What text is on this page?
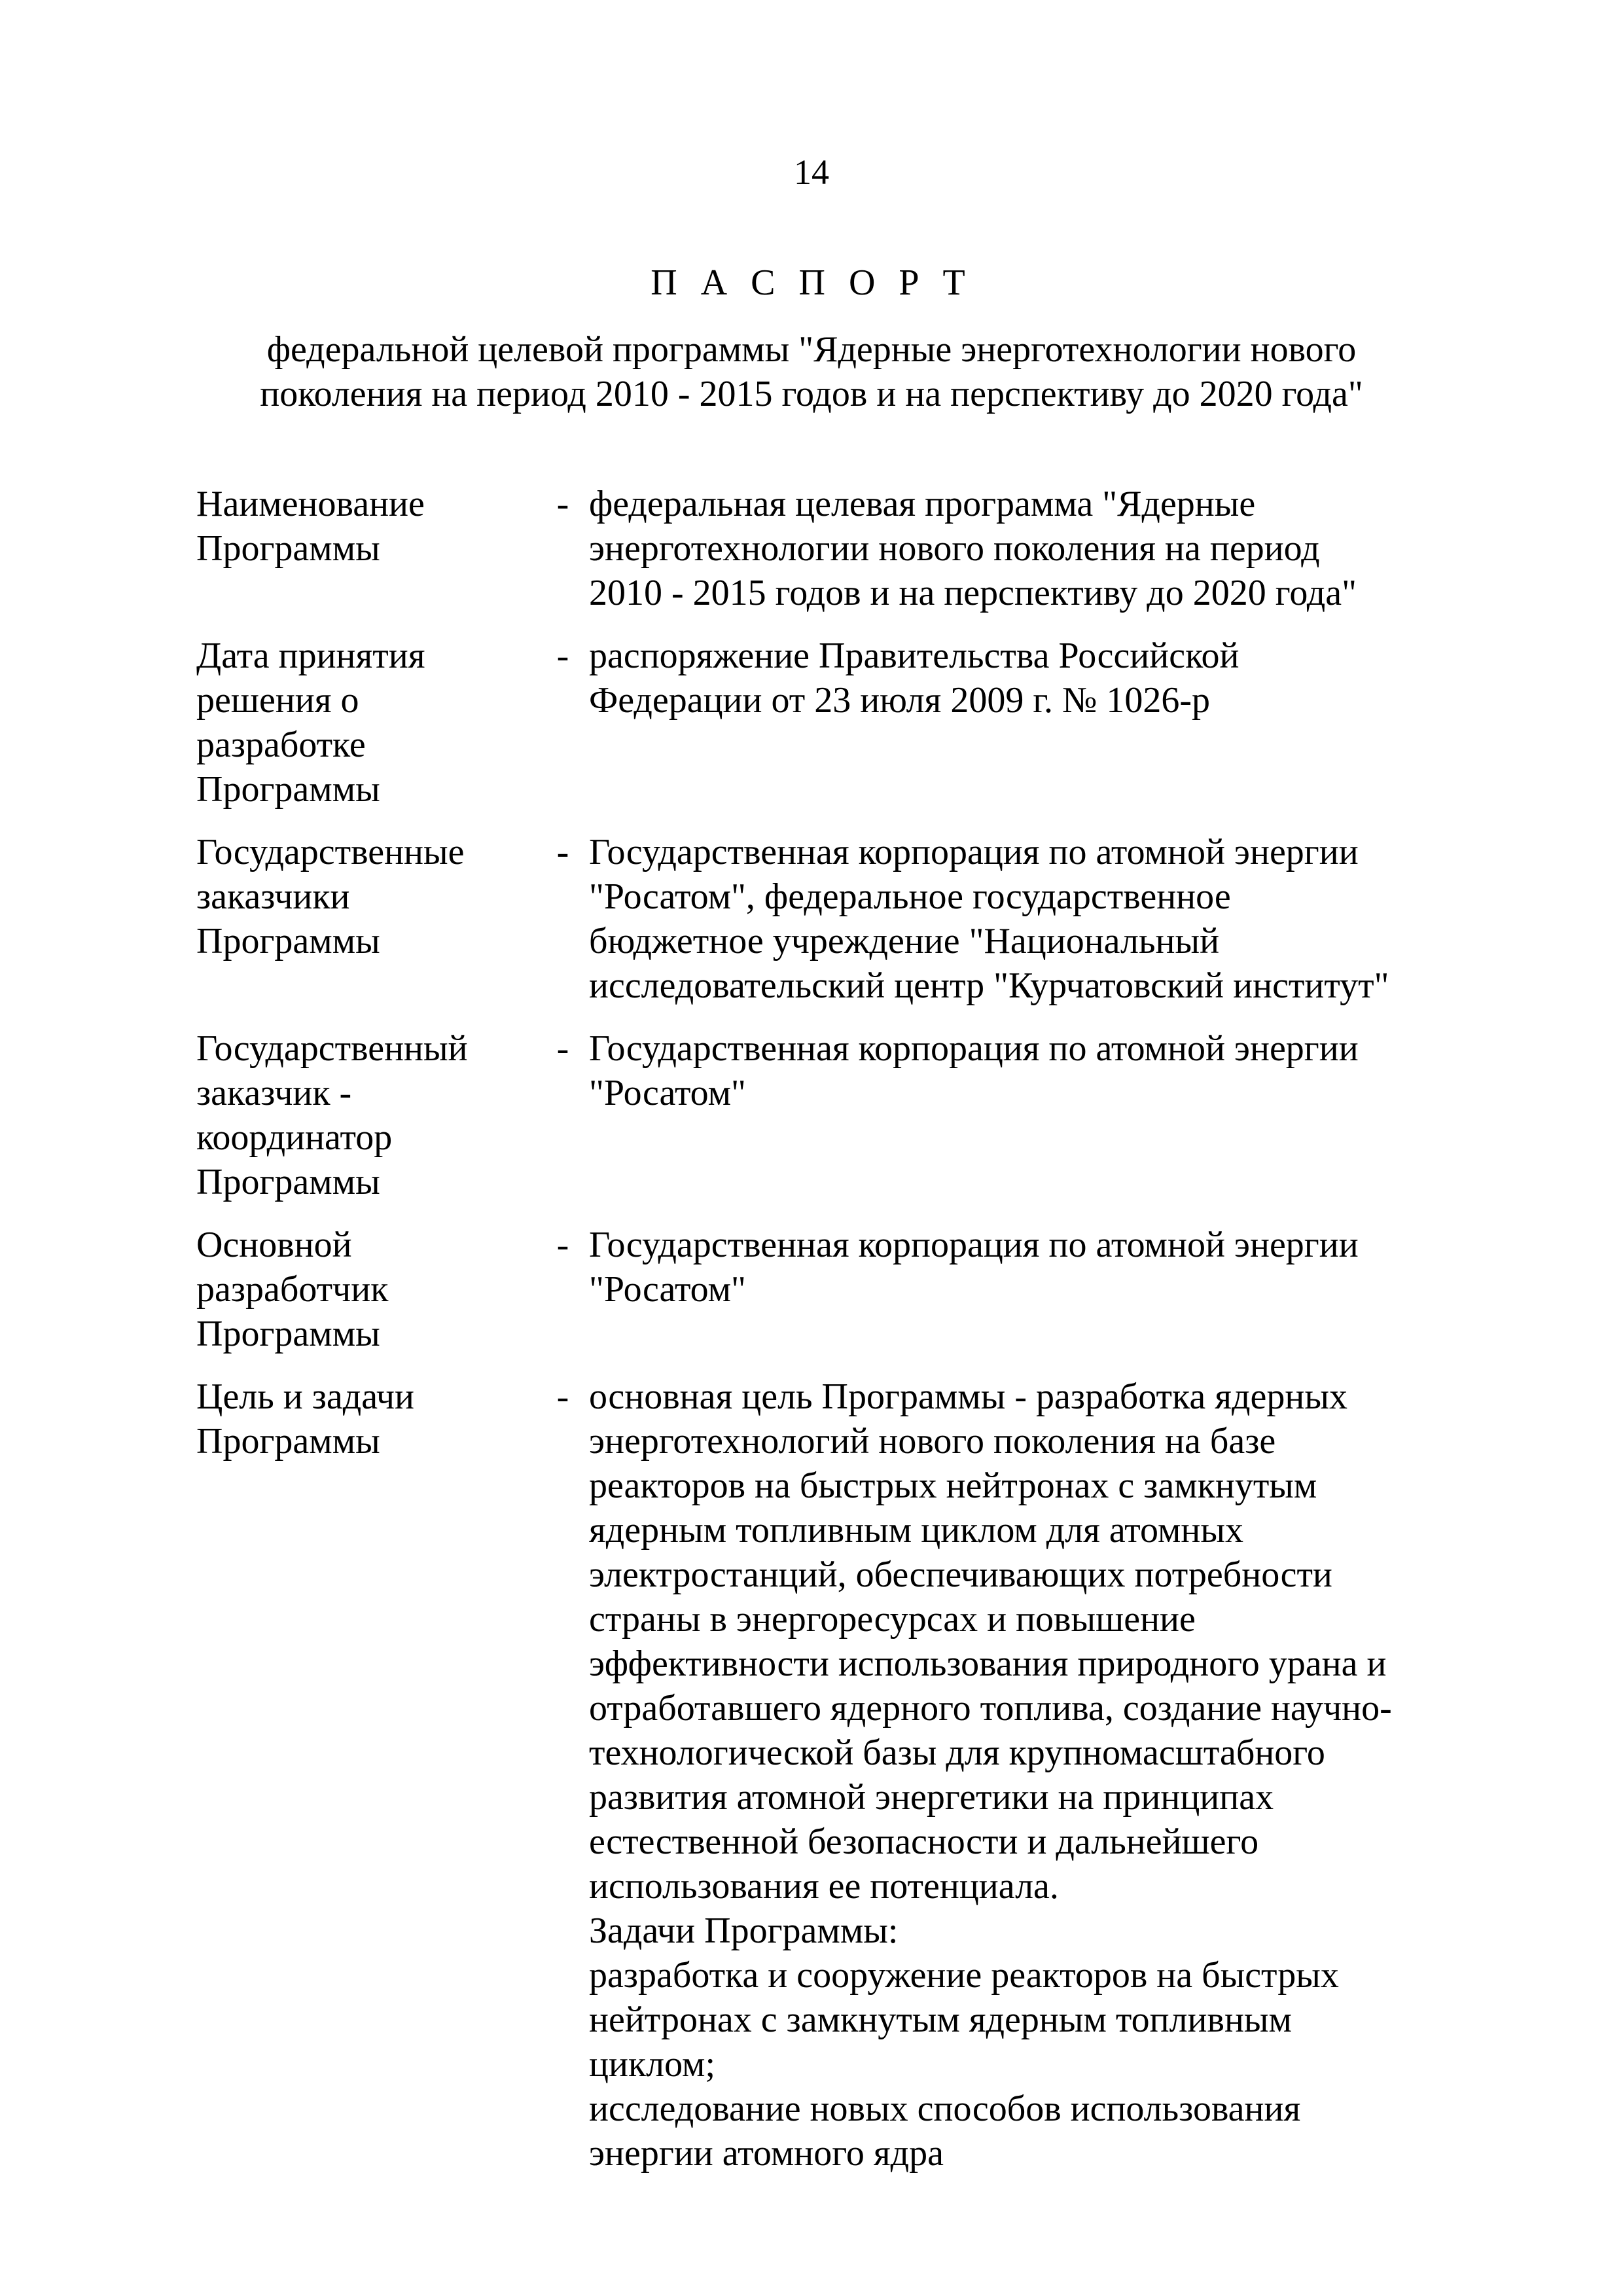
14
П А С П О Р Т
федеральной целевой программы "Ядерные энерготехнологии нового
поколения на период 2010 - 2015 годов и на перспективу до 2020 года"
Наименование
Программы
- федеральная целевая программа "Ядерные
энерготехнологии нового поколения на период
2010 - 2015 годов и на перспективу до 2020 года"
Дата принятия
решения о
разработке
Программы
- распоряжение Правительства Российской
Федерации от 23 июля 2009 г. № 1026-р
Государственные
заказчики
Программы
- Государственная корпорация по атомной энергии
"Росатом", федеральное государственное
бюджетное учреждение "Национальный
исследовательский центр "Курчатовский институт"
Государственный
заказчик -
координатор
Программы
- Государственная корпорация по атомной энергии
"Росатом"
Основной
разработчик
Программы
- Государственная корпорация по атомной энергии
"Росатом"
Цель и задачи
Программы
- основная цель Программы - разработка ядерных
энерготехнологий нового поколения на базе
реакторов на быстрых нейтронах с замкнутым
ядерным топливным циклом для атомных
электростанций, обеспечивающих потребности
страны в энергоресурсах и повышение
эффективности использования природного урана и
отработавшего ядерного топлива, создание научно-
технологической базы для крупномасштабного
развития атомной энергетики на принципах
естественной безопасности и дальнейшего
использования ее потенциала.
Задачи Программы:
разработка и сооружение реакторов на быстрых
нейтронах с замкнутым ядерным топливным
циклом;
исследование новых способов использования
энергии атомного ядра
